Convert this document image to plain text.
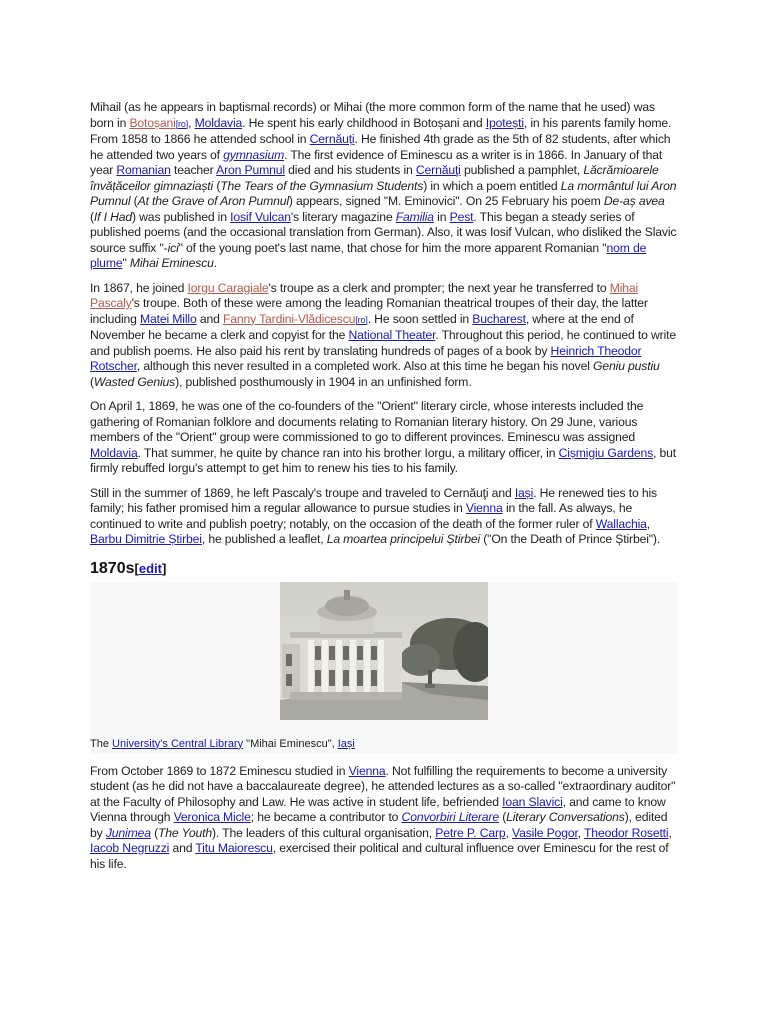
Mihail (as he appears in baptismal records) or Mihai (the more common form of the name that he used) was born in Botoșani[ro], Moldavia. He spent his early childhood in Botoșani and Ipotești, in his parents family home. From 1858 to 1866 he attended school in Cernăuți. He finished 4th grade as the 5th of 82 students, after which he attended two years of gymnasium. The first evidence of Eminescu as a writer is in 1866. In January of that year Romanian teacher Aron Pumnul died and his students in Cernăuţi published a pamphlet, Lăcrămioarele învățăceilor gimnaziaști (The Tears of the Gymnasium Students) in which a poem entitled La mormântul lui Aron Pumnul (At the Grave of Aron Pumnul) appears, signed "M. Eminovici". On 25 February his poem De-aș avea (If I Had) was published in Iosif Vulcan's literary magazine Familia in Pest. This began a steady series of published poems (and the occasional translation from German). Also, it was Iosif Vulcan, who disliked the Slavic source suffix "-ici" of the young poet's last name, that chose for him the more apparent Romanian "nom de plume" Mihai Eminescu.

In 1867, he joined Iorgu Caragiale's troupe as a clerk and prompter; the next year he transferred to Mihai Pascaly's troupe. Both of these were among the leading Romanian theatrical troupes of their day, the latter including Matei Millo and Fanny Tardini-Vlădicescu[ro]. He soon settled in Bucharest, where at the end of November he became a clerk and copyist for the National Theater. Throughout this period, he continued to write and publish poems. He also paid his rent by translating hundreds of pages of a book by Heinrich Theodor Rotscher, although this never resulted in a completed work. Also at this time he began his novel Geniu pustiu (Wasted Genius), published posthumously in 1904 in an unfinished form.

On April 1, 1869, he was one of the co-founders of the "Orient" literary circle, whose interests included the gathering of Romanian folklore and documents relating to Romanian literary history. On 29 June, various members of the "Orient" group were commissioned to go to different provinces. Eminescu was assigned Moldavia. That summer, he quite by chance ran into his brother Iorgu, a military officer, in Cișmigiu Gardens, but firmly rebuffed Iorgu's attempt to get him to renew his ties to his family.

Still in the summer of 1869, he left Pascaly's troupe and traveled to Cernăuţi and Iași. He renewed ties to his family; his father promised him a regular allowance to pursue studies in Vienna in the fall. As always, he continued to write and publish poetry; notably, on the occasion of the death of the former ruler of Wallachia, Barbu Dimitrie Știrbei, he published a leaflet, La moartea principelui Știrbei ("On the Death of Prince Știrbei").

1870s[edit]
The University's Central Library "Mihai Eminescu", Iași

From October 1869 to 1872 Eminescu studied in Vienna. Not fulfilling the requirements to become a university student (as he did not have a baccalaureate degree), he attended lectures as a so-called "extraordinary auditor" at the Faculty of Philosophy and Law. He was active in student life, befriended Ioan Slavici, and came to know Vienna through Veronica Micle; he became a contributor to Convorbiri Literare (Literary Conversations), edited by Junimea (The Youth). The leaders of this cultural organisation, Petre P. Carp, Vasile Pogor, Theodor Rosetti, Iacob Negruzzi and Titu Maiorescu, exercised their political and cultural influence over Eminescu for the rest of his life.
